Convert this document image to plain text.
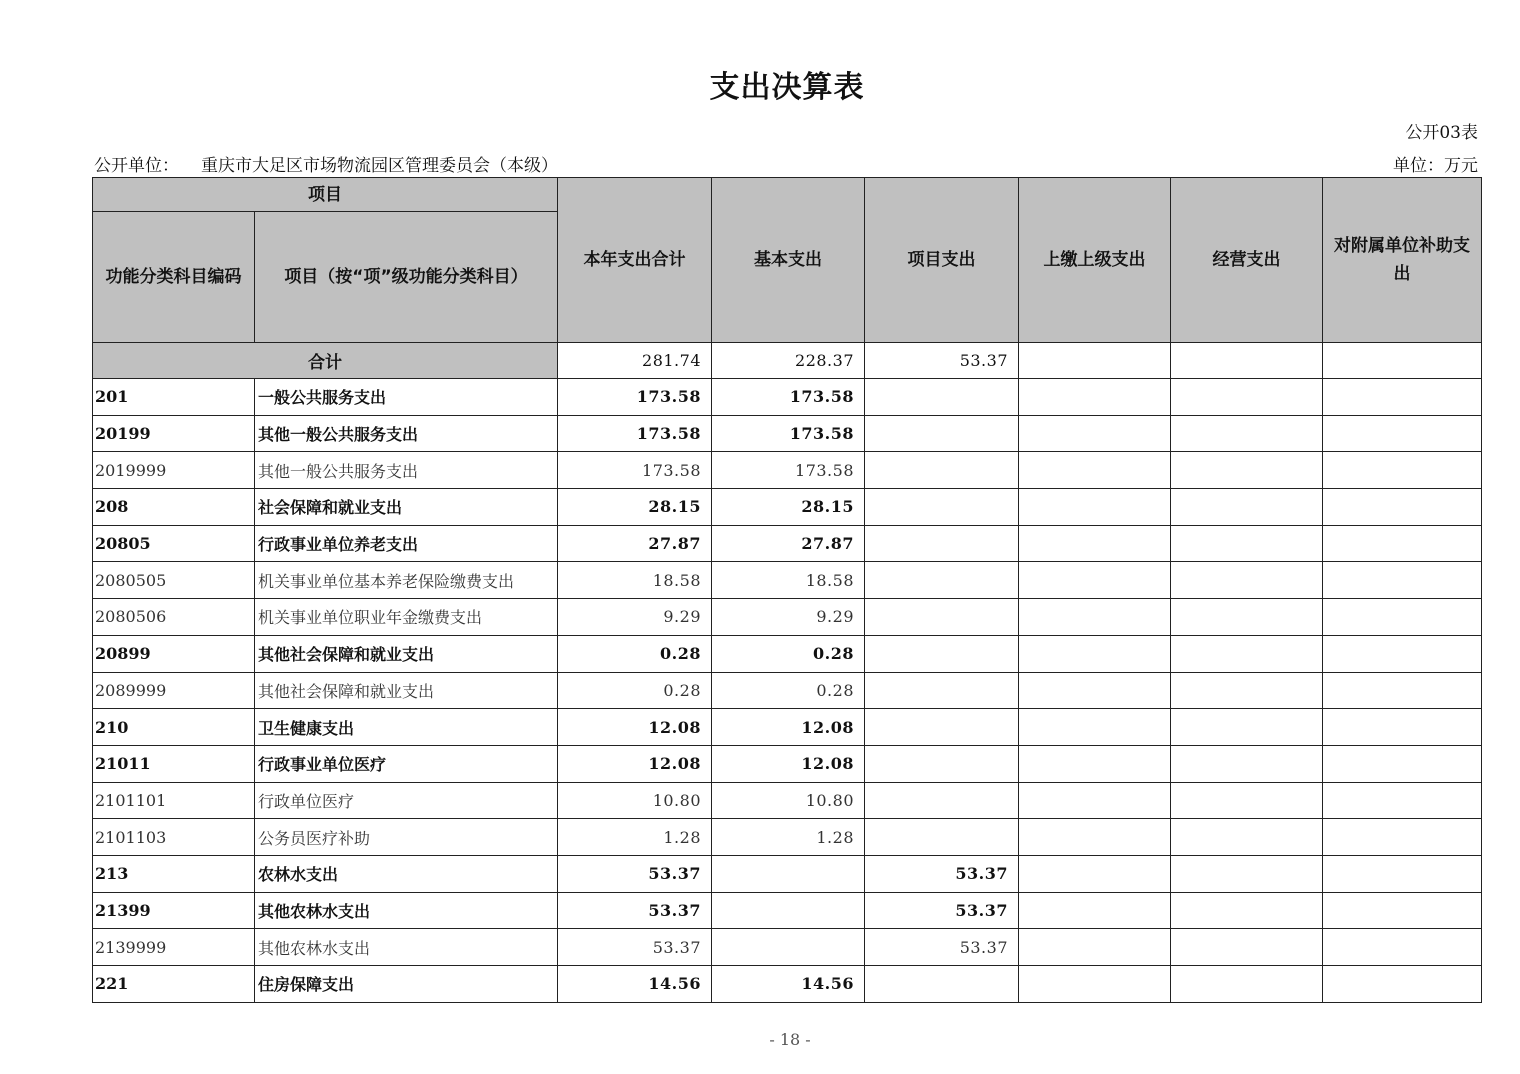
支出决算表
公开03表
公开单位： 重庆市大足区市场物流园区管理委员会（本级）	单位：万元
项目		本年支出合计	基本支出	项目支出	上缴上级支出	经营支出	对附属单位补助支出
功能分类科目编码	项目（按“项”级功能分类科目）						
合计		281.74	228.37	53.37			
201	一般公共服务支出	173.58	173.58				
20199	其他一般公共服务支出	173.58	173.58				
2019999	其他一般公共服务支出	173.58	173.58				
208	社会保障和就业支出	28.15	28.15				
20805	行政事业单位养老支出	27.87	27.87				
2080505	机关事业单位基本养老保险缴费支出	18.58	18.58				
2080506	机关事业单位职业年金缴费支出	9.29	9.29				
20899	其他社会保障和就业支出	0.28	0.28				
2089999	其他社会保障和就业支出	0.28	0.28				
210	卫生健康支出	12.08	12.08				
21011	行政事业单位医疗	12.08	12.08				
2101101	行政单位医疗	10.80	10.80				
2101103	公务员医疗补助	1.28	1.28				
213	农林水支出	53.37		53.37			
21399	其他农林水支出	53.37		53.37			
2139999	其他农林水支出	53.37		53.37			
221	住房保障支出	14.56	14.56				
- 18 -
